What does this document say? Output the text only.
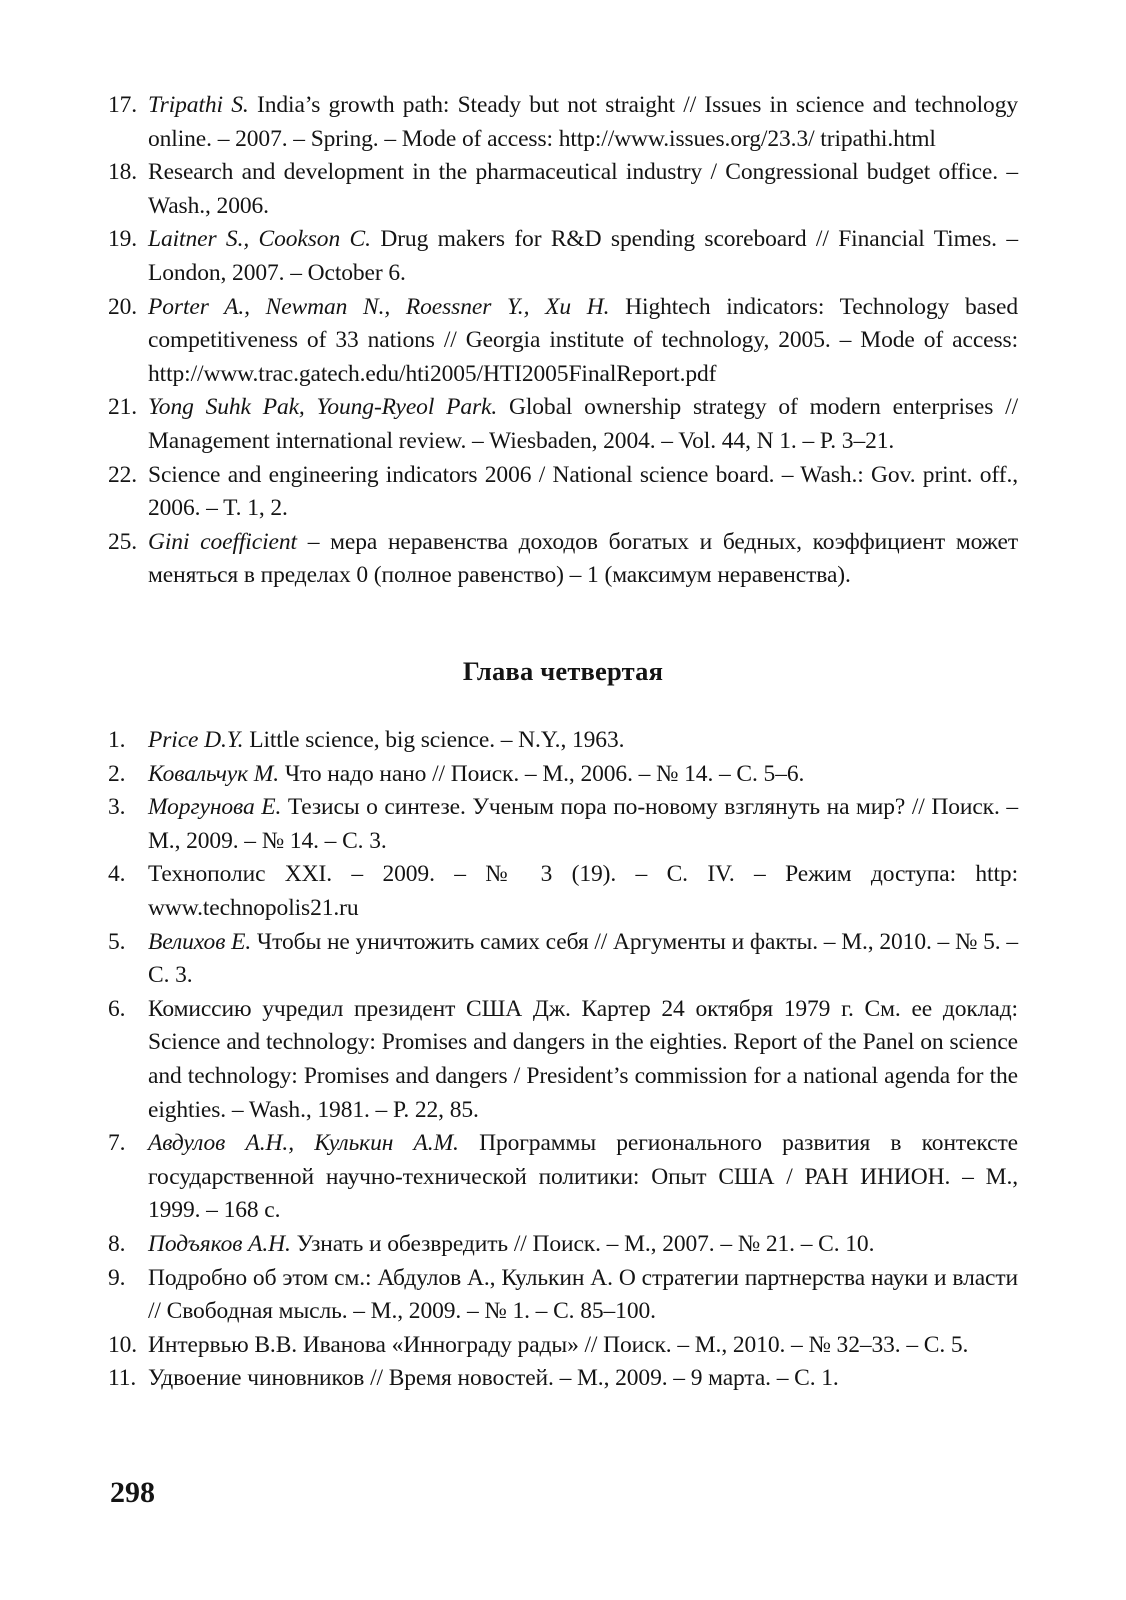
17. Tripathi S. India’s growth path: Steady but not straight // Issues in science and technology online. – 2007. – Spring. – Mode of access: http://www.issues.org/23.3/ tripathi.html
18. Research and development in the pharmaceutical industry / Congressional budget office. – Wash., 2006.
19. Laitner S., Cookson C. Drug makers for R&D spending scoreboard // Financial Times. – London, 2007. – October 6.
20. Porter A., Newman N., Roessner Y., Xu H. Hightech indicators: Technology based competitiveness of 33 nations // Georgia institute of technology, 2005. – Mode of access: http://www.trac.gatech.edu/hti2005/HTI2005FinalReport.pdf
21. Yong Suhk Pak, Young-Ryeol Park. Global ownership strategy of modern enterprises // Management international review. – Wiesbaden, 2004. – Vol. 44, N 1. – P. 3–21.
22. Science and engineering indicators 2006 / National science board. – Wash.: Gov. print. off., 2006. – T. 1, 2.
25. Gini coefficient – мера неравенства доходов богатых и бедных, коэффициент может меняться в пределах 0 (полное равенство) – 1 (максимум неравенства).
Глава четвертая
1. Price D.Y. Little science, big science. – N.Y., 1963.
2. Ковальчук М. Что надо нано // Поиск. – М., 2006. – № 14. – С. 5–6.
3. Моргунова Е. Тезисы о синтезе. Ученым пора по-новому взглянуть на мир? // Поиск. – М., 2009. – № 14. – С. 3.
4. Технополис XXI. – 2009. – № 3 (19). – С. IV. – Режим доступа: http: www.technopolis21.ru
5. Велихов Е. Чтобы не уничтожить самих себя // Аргументы и факты. – М., 2010. – № 5. – С. 3.
6. Комиссию учредил президент США Дж. Картер 24 октября 1979 г. См. ее доклад: Science and technology: Promises and dangers in the eighties. Report of the Panel on science and technology: Promises and dangers / President’s commission for a national agenda for the eighties. – Wash., 1981. – P. 22, 85.
7. Авдулов А.Н., Кулькин А.М. Программы регионального развития в контексте государственной научно-технической политики: Опыт США / РАН ИНИОН. – М., 1999. – 168 с.
8. Подъяков А.Н. Узнать и обезвредить // Поиск. – М., 2007. – № 21. – С. 10.
9. Подробно об этом см.: Абдулов А., Кулькин А. О стратегии партнерства науки и власти // Свободная мысль. – М., 2009. – № 1. – С. 85–100.
10. Интервью В.В. Иванова «Иннограду рады» // Поиск. – М., 2010. – № 32–33. – С. 5.
11. Удвоение чиновников // Время новостей. – М., 2009. – 9 марта. – С. 1.
298
